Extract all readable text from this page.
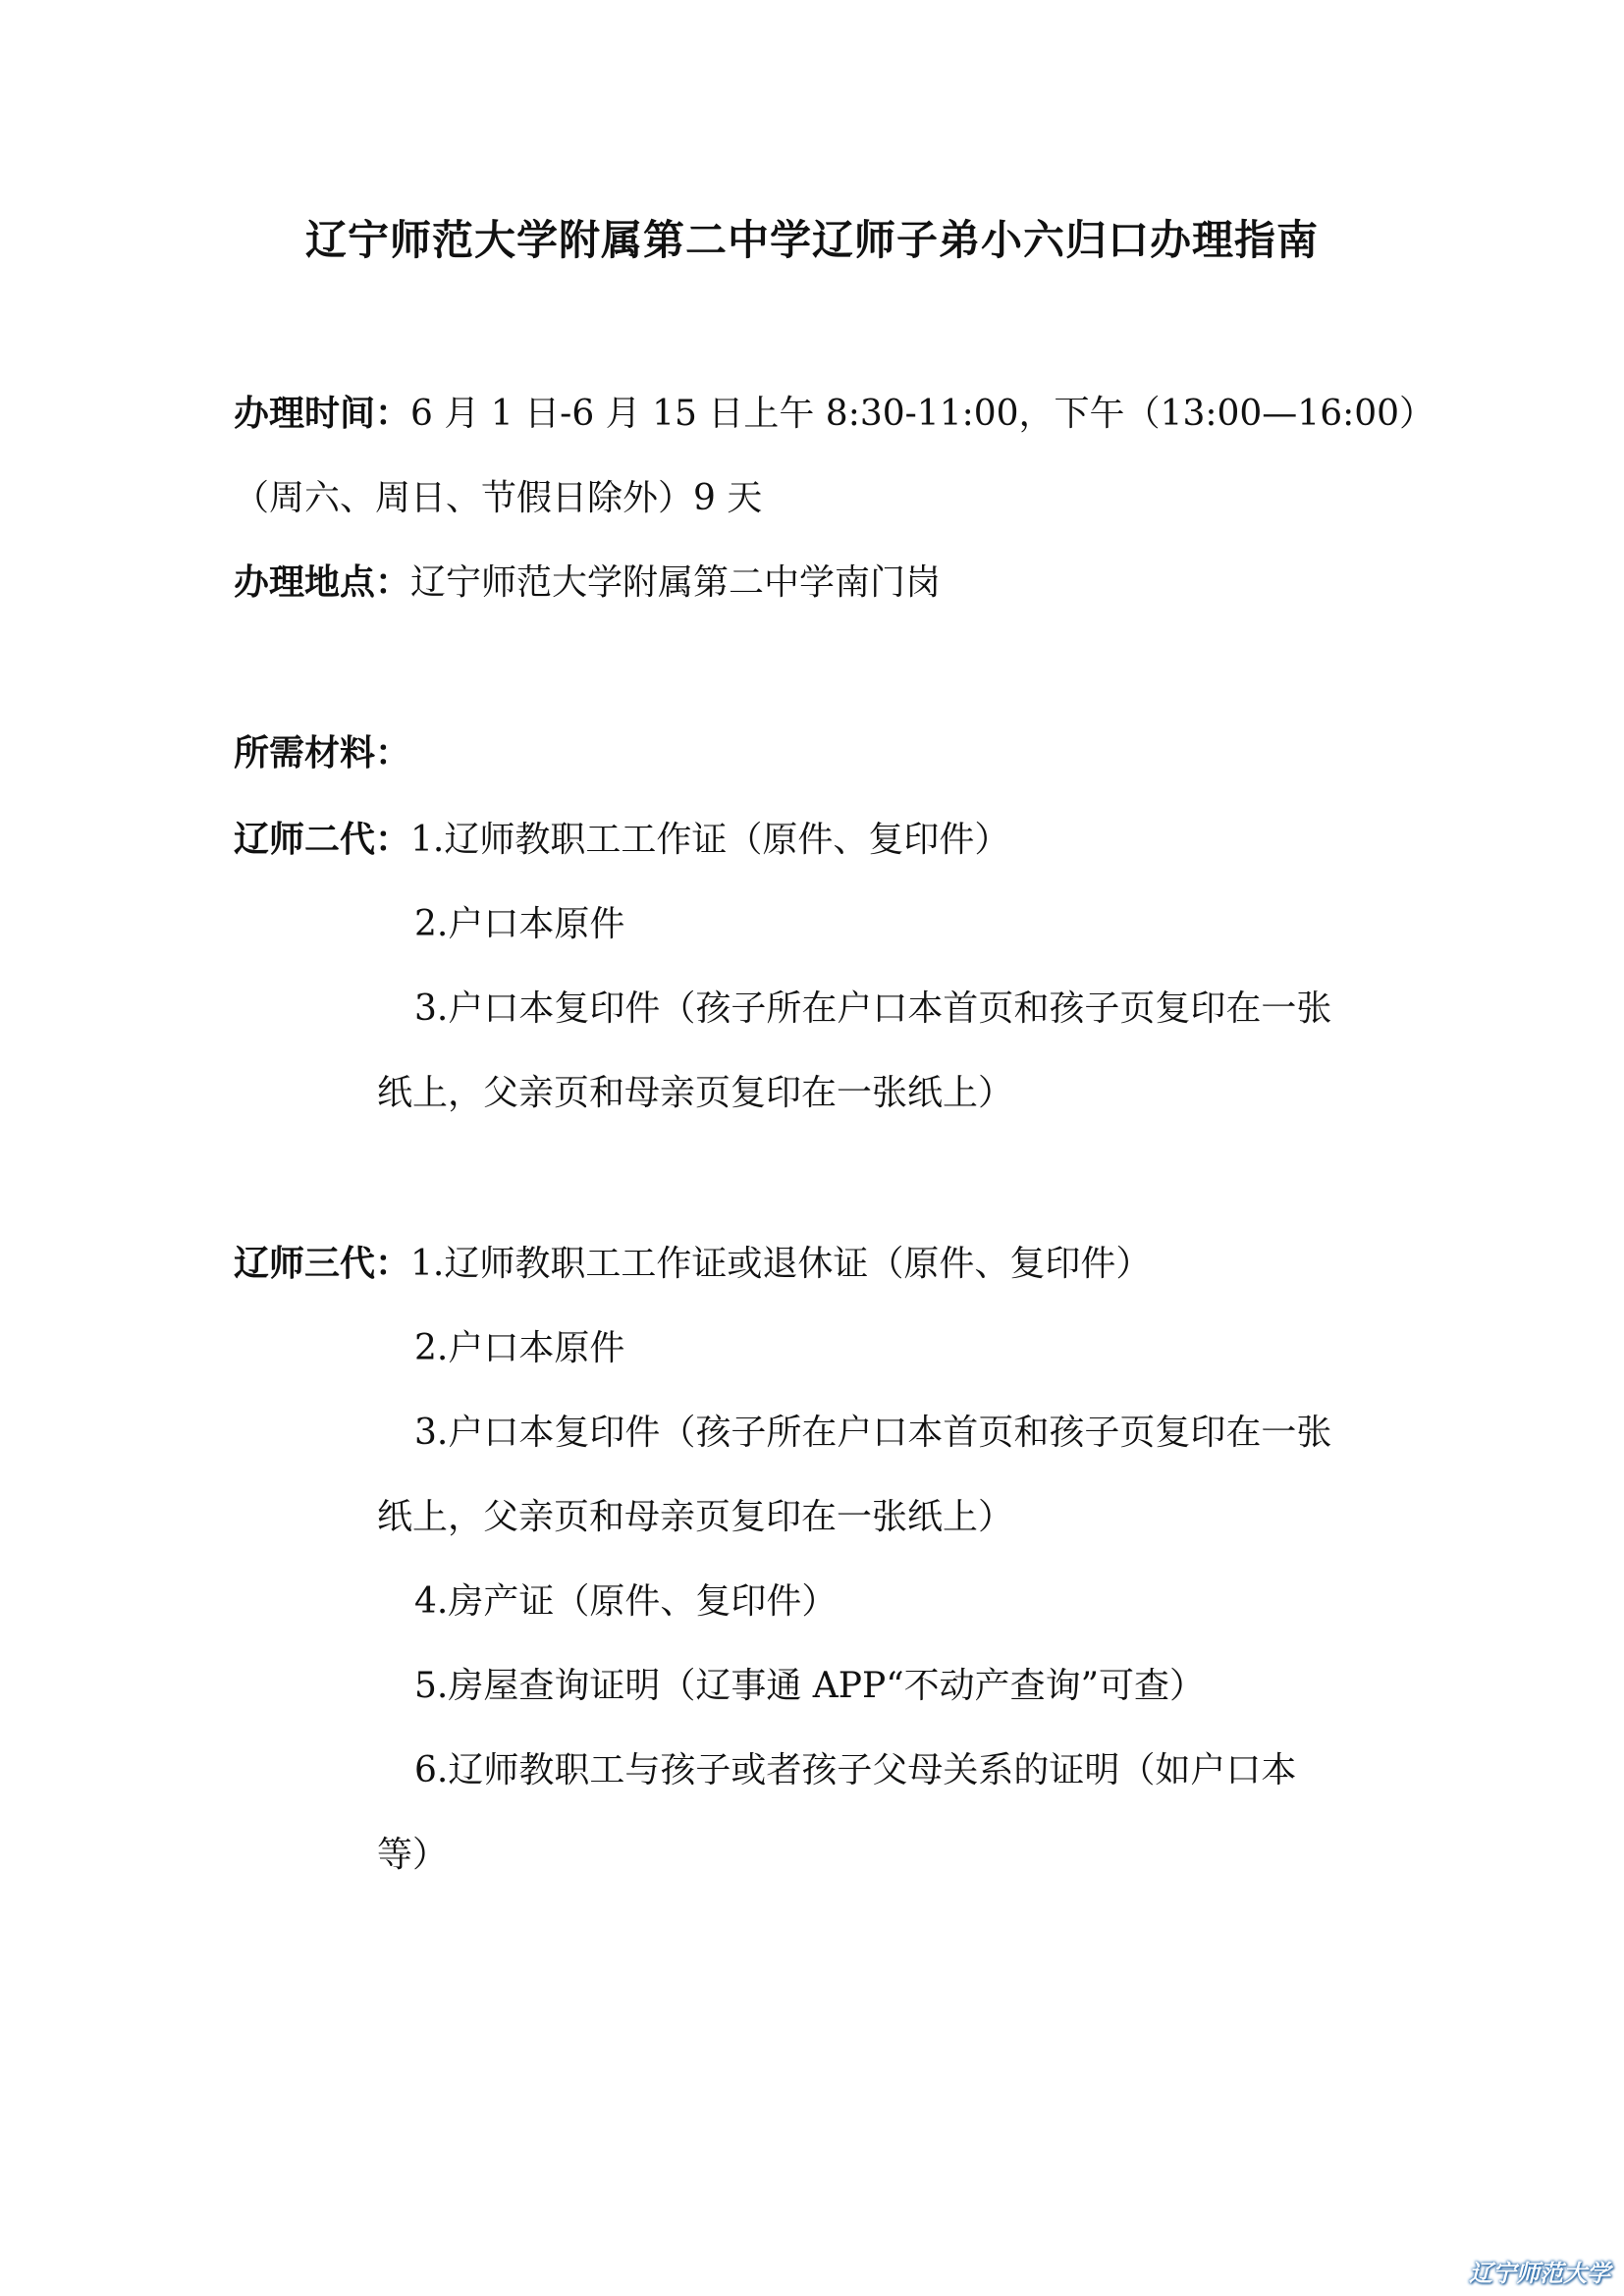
辽宁师范大学附属第二中学辽师子弟小六归口办理指南
办理时间：6 月 1 日-6 月 15 日上午 8:30-11:00，下午（13:00—16:00）
（周六、周日、节假日除外）9 天
办理地点：辽宁师范大学附属第二中学南门岗
所需材料：
辽师二代：1.辽师教职工工作证（原件、复印件）
2.户口本原件
3.户口本复印件（孩子所在户口本首页和孩子页复印在一张
纸上，父亲页和母亲页复印在一张纸上）
辽师三代：1.辽师教职工工作证或退休证（原件、复印件）
2.户口本原件
3.户口本复印件（孩子所在户口本首页和孩子页复印在一张
纸上，父亲页和母亲页复印在一张纸上）
4.房产证（原件、复印件）
5.房屋查询证明（辽事通 APP“不动产查询”可查）
6.辽师教职工与孩子或者孩子父母关系的证明（如户口本
等）
辽宁师范大学
